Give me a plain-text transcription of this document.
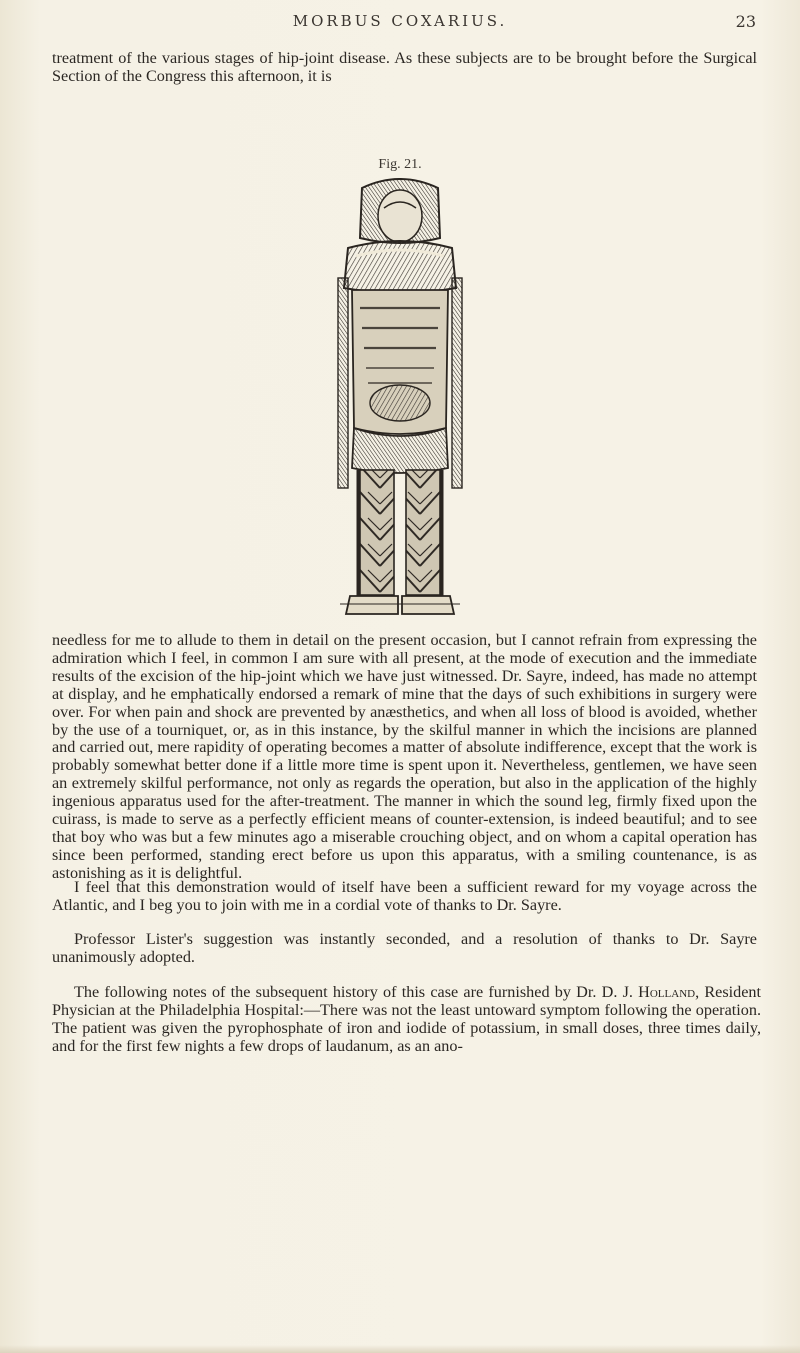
MORBUS COXARIUS.	23

treatment of the various stages of hip-joint disease. As these subjects are to be brought before the Surgical Section of the Congress this afternoon, it is

Fig. 21.

needless for me to allude to them in detail on the present occasion, but I cannot refrain from expressing the admiration which I feel, in common I am sure with all present, at the mode of execution and the immediate results of the excision of the hip-joint which we have just witnessed. Dr. Sayre, indeed, has made no attempt at display, and he emphatically endorsed a remark of mine that the days of such exhibitions in surgery were over. For when pain and shock are prevented by anæsthetics, and when all loss of blood is avoided, whether by the use of a tourniquet, or, as in this instance, by the skilful manner in which the incisions are planned and carried out, mere rapidity of operating becomes a matter of absolute indifference, except that the work is probably somewhat better done if a little more time is spent upon it. Nevertheless, gentlemen, we have seen an extremely skilful performance, not only as regards the operation, but also in the application of the highly ingenious apparatus used for the after-treatment. The manner in which the sound leg, firmly fixed upon the cuirass, is made to serve as a perfectly efficient means of counter-extension, is indeed beautiful; and to see that boy who was but a few minutes ago a miserable crouching object, and on whom a capital operation has since been performed, standing erect before us upon this apparatus, with a smiling countenance, is as astonishing as it is delightful.

I feel that this demonstration would of itself have been a sufficient reward for my voyage across the Atlantic, and I beg you to join with me in a cordial vote of thanks to Dr. Sayre.

Professor Lister's suggestion was instantly seconded, and a resolution of thanks to Dr. Sayre unanimously adopted.

The following notes of the subsequent history of this case are furnished by Dr. D. J. Holland, Resident Physician at the Philadelphia Hospital:—There was not the least untoward symptom following the operation. The patient was given the pyrophosphate of iron and iodide of potassium, in small doses, three times daily, and for the first few nights a few drops of laudanum, as an ano-
